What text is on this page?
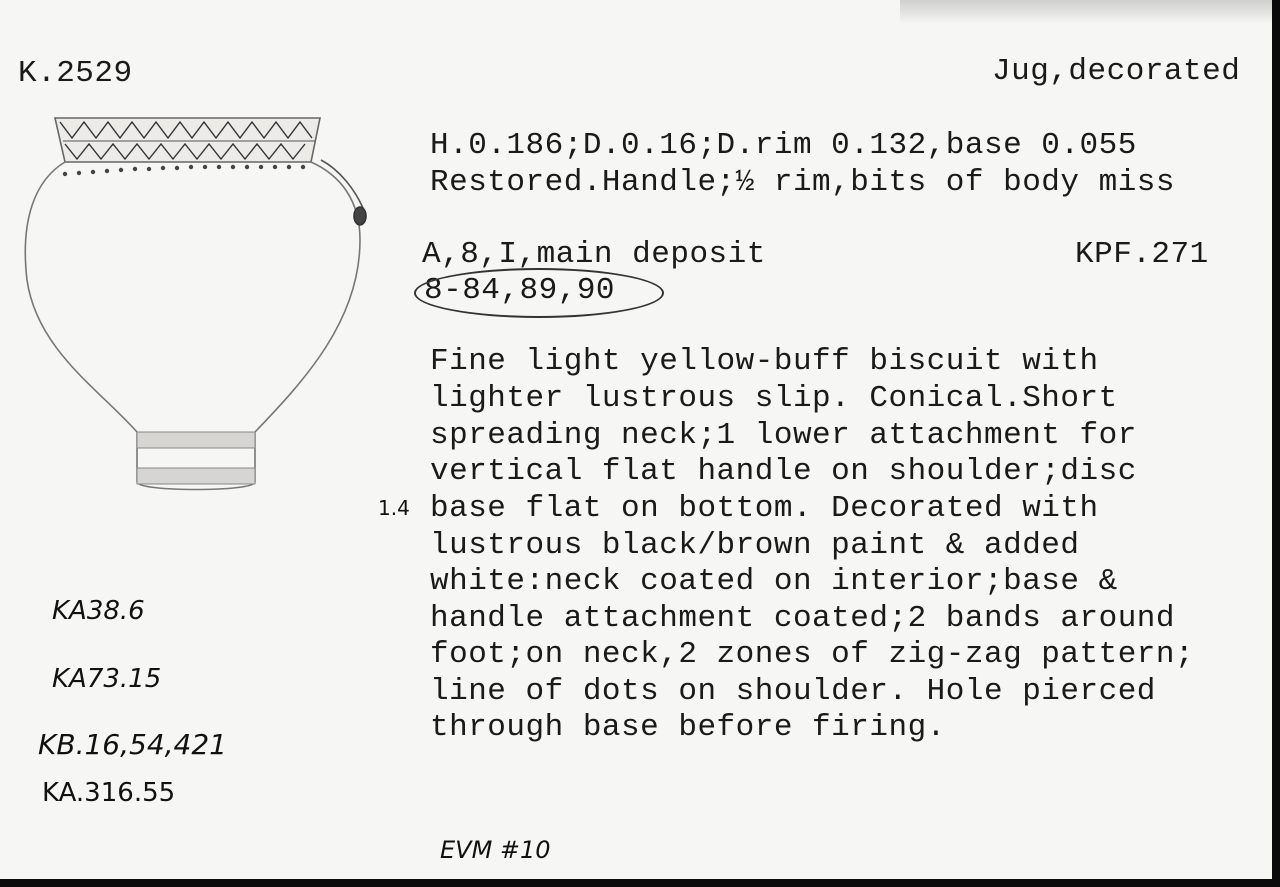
K.2529	Jug,decorated
H.0.186;D.0.16;D.rim 0.132,base 0.055
Restored.Handle;½ rim,bits of body miss
A,8,I,main deposit	KPF.271
8-84,89,90
1.4
Fine light yellow-buff biscuit with
lighter lustrous slip. Conical.Short
spreading neck;1 lower attachment for
vertical flat handle on shoulder;disc
base flat on bottom. Decorated with
lustrous black/brown paint & added
white:neck coated on interior;base &
handle attachment coated;2 bands around
foot;on neck,2 zones of zig-zag pattern;
line of dots on shoulder. Hole pierced
through base before firing.
KA38.6
KA73.15
KB.16,54,421
KA.316.55
EVM #10
